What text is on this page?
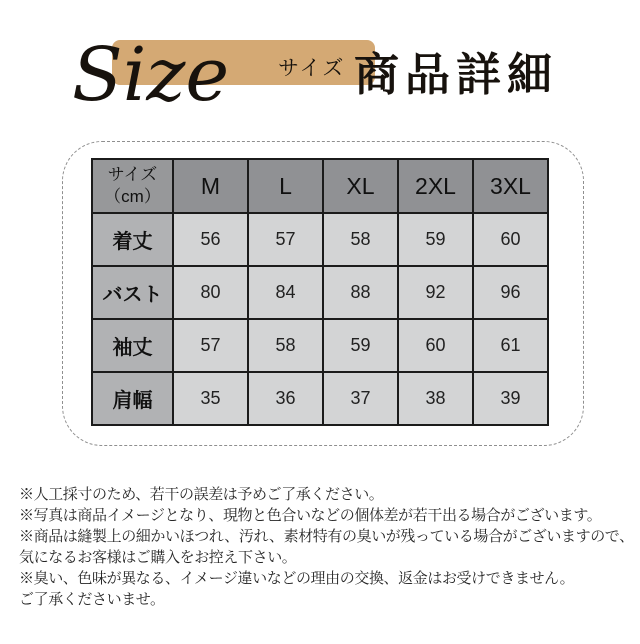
Size サイズ 商品詳細
サイズ
（cm）	M	L	XL	2XL	3XL
着丈	56	57	58	59	60
バスト	80	84	88	92	96
袖丈	57	58	59	60	61
肩幅	35	36	37	38	39
※人工採寸のため、若干の誤差は予めご了承ください。
※写真は商品イメージとなり、現物と色合いなどの個体差が若干出る場合がございます。
※商品は縫製上の細かいほつれ、汚れ、素材特有の臭いが残っている場合がございますので、
気になるお客様はご購入をお控え下さい。
※臭い、色味が異なる、イメージ違いなどの理由の交換、返金はお受けできません。
ご了承くださいませ。
